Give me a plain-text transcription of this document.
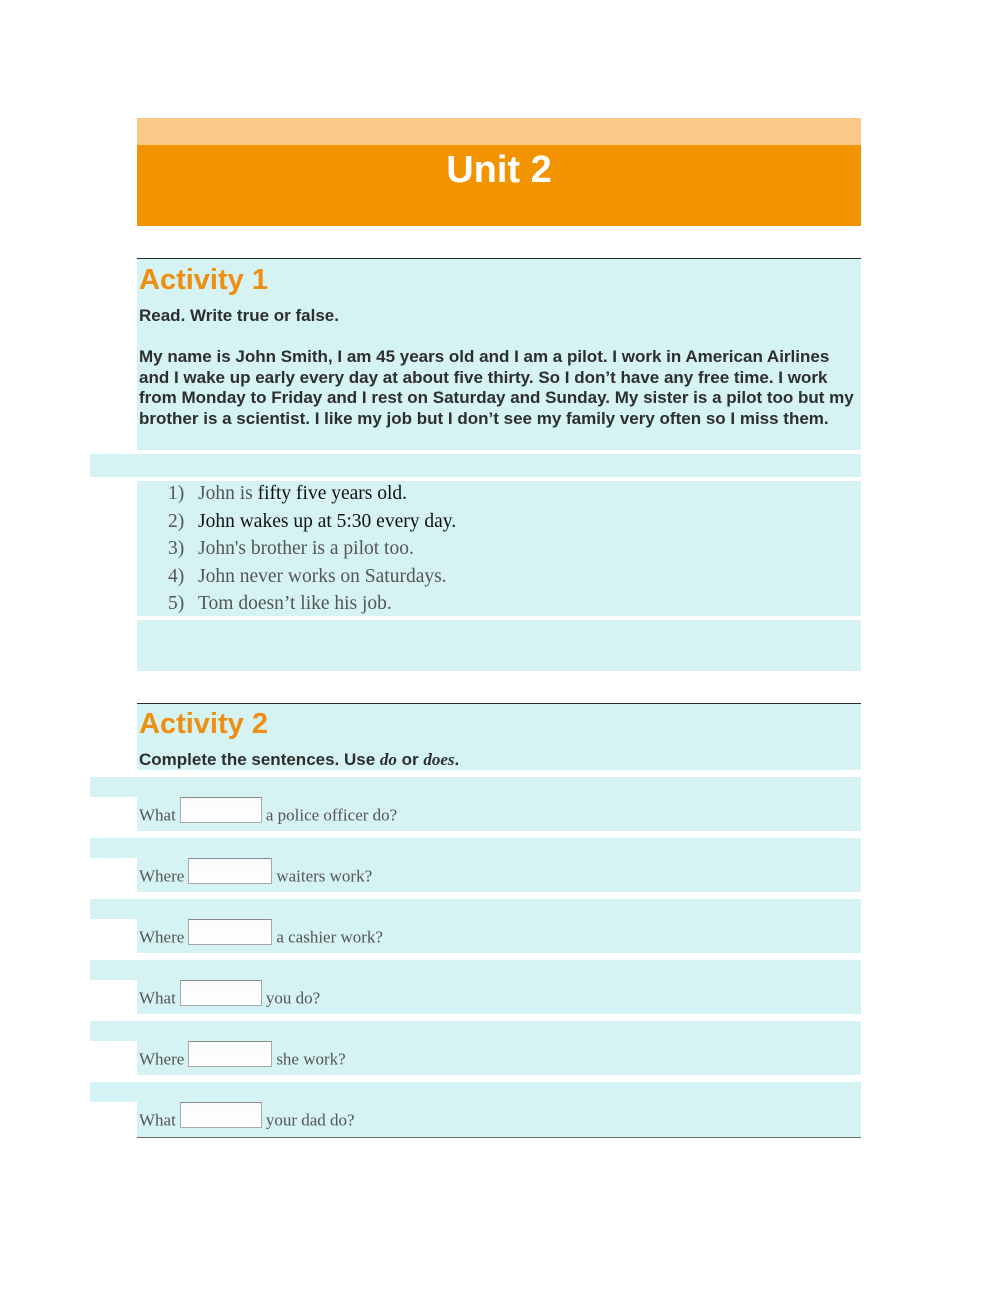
Unit 2
Activity 1
Read. Write true or false.
My name is John Smith, I am 45 years old and I am a pilot. I work in American Airlines and I wake up early every day at about five thirty. So I don’t have any free time. I work from Monday to Friday and I rest on Saturday and Sunday. My sister is a pilot too but my brother is a scientist. I like my job but I don’t see my family very often so I miss them.
1) John is fifty five years old.
2) John wakes up at 5:30 every day.
3) John's brother is a pilot too.
4) John never works on Saturdays.
5) Tom doesn’t like his job.
Activity 2
Complete the sentences. Use do or does.
What	a police officer do?
Where	waiters work?
Where	a cashier work?
What	you do?
Where	she work?
What	your dad do?
